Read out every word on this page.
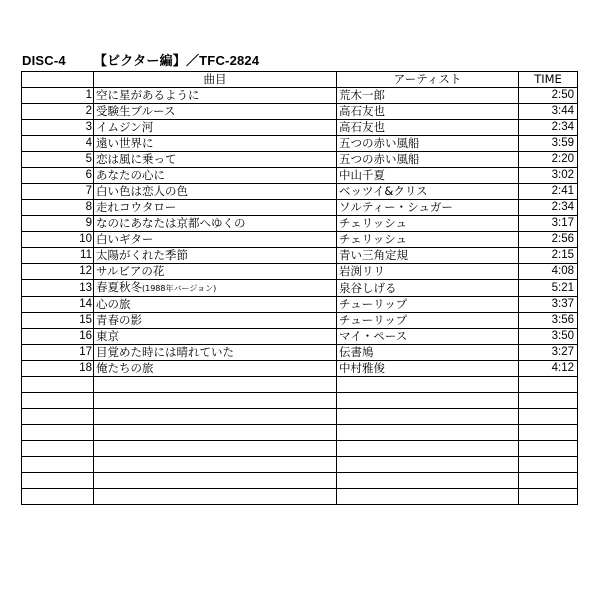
DISC-4 【ビクター編】／TFC-2824
	曲目	アーティスト	TIME
1	空に星があるように	荒木一郎	2:50
2	受験生ブルース	高石友也	3:44
3	イムジン河	高石友也	2:34
4	遠い世界に	五つの赤い風船	3:59
5	恋は風に乗って	五つの赤い風船	2:20
6	あなたの心に	中山千夏	3:02
7	白い色は恋人の色	ベッツイ&クリス	2:41
8	走れコウタロー	ソルティー・シュガー	2:34
9	なのにあなたは京都へゆくの	チェリッシュ	3:17
10	白いギター	チェリッシュ	2:56
11	太陽がくれた季節	青い三角定規	2:15
12	サルビアの花	岩渕リリ	4:08
13	春夏秋冬(1988年バージョン)	泉谷しげる	5:21
14	心の旅	チューリップ	3:37
15	青春の影	チューリップ	3:56
16	東京	マイ・ペース	3:50
17	目覚めた時には晴れていた	伝書鳩	3:27
18	俺たちの旅	中村雅俊	4:12
